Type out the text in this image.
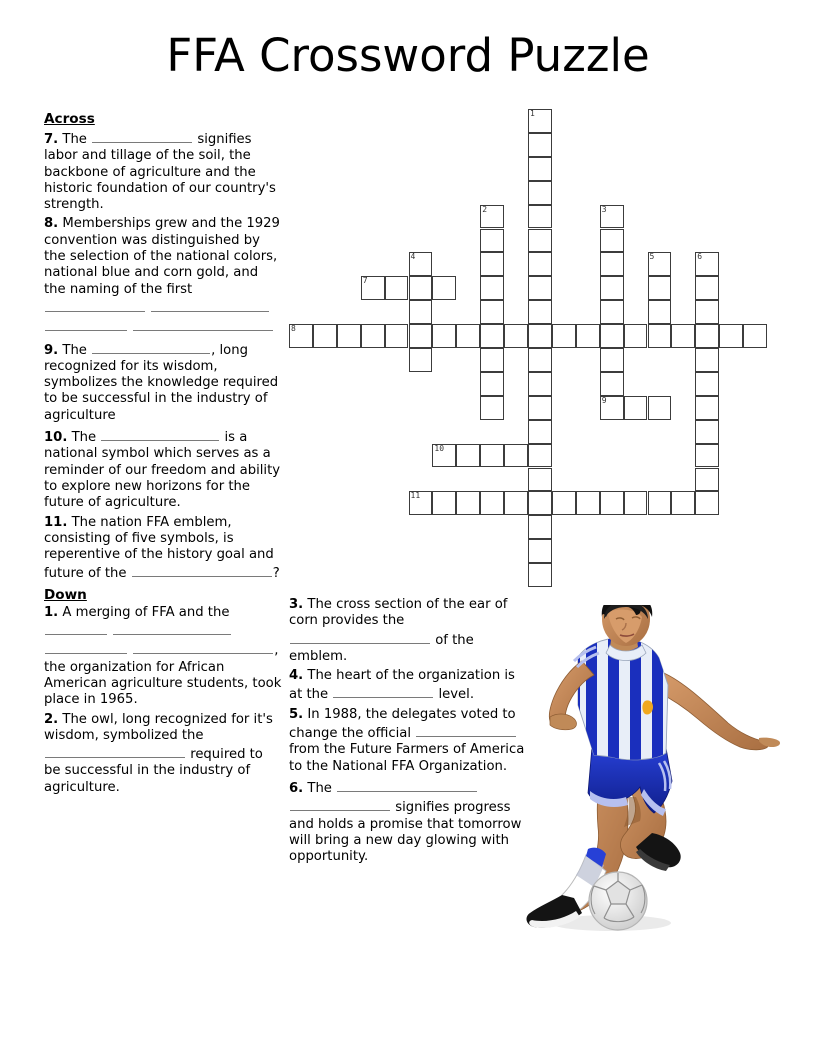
FFA Crossword Puzzle
Across
7. The	signifies labor and tillage of the soil, the backbone of agriculture and the historic foundation of our country's strength.
8. Memberships grew and the 1929 convention was distinguished by the selection of the national colors, national blue and corn gold, and the naming of the first
9. The	, long recognized for its wisdom, symbolizes the knowledge required to be successful in the industry of agriculture
10. The	is a national symbol which serves as a reminder of our freedom and ability to explore new horizons for the future of agriculture.
11. The nation FFA emblem, consisting of five symbols, is reperentive of the history goal and future of the	?
Down
1. A merging of FFA and the    , the organization for African American agriculture students, took place in 1965.
2. The owl, long recognized for it's wisdom, symbolized the  required to be successful in the industry of agriculture.
3. The cross section of the ear of corn provides the  of the emblem.
4. The heart of the organization is at the	level.
5. In 1988, the delegates voted to change the official  from the Future Farmers of America to the National FFA Organization.
6. The   signifies progress and holds a promise that tomorrow will bring a new day glowing with opportunity.
1
2	3
9
4	5	6
7
8
10
11
